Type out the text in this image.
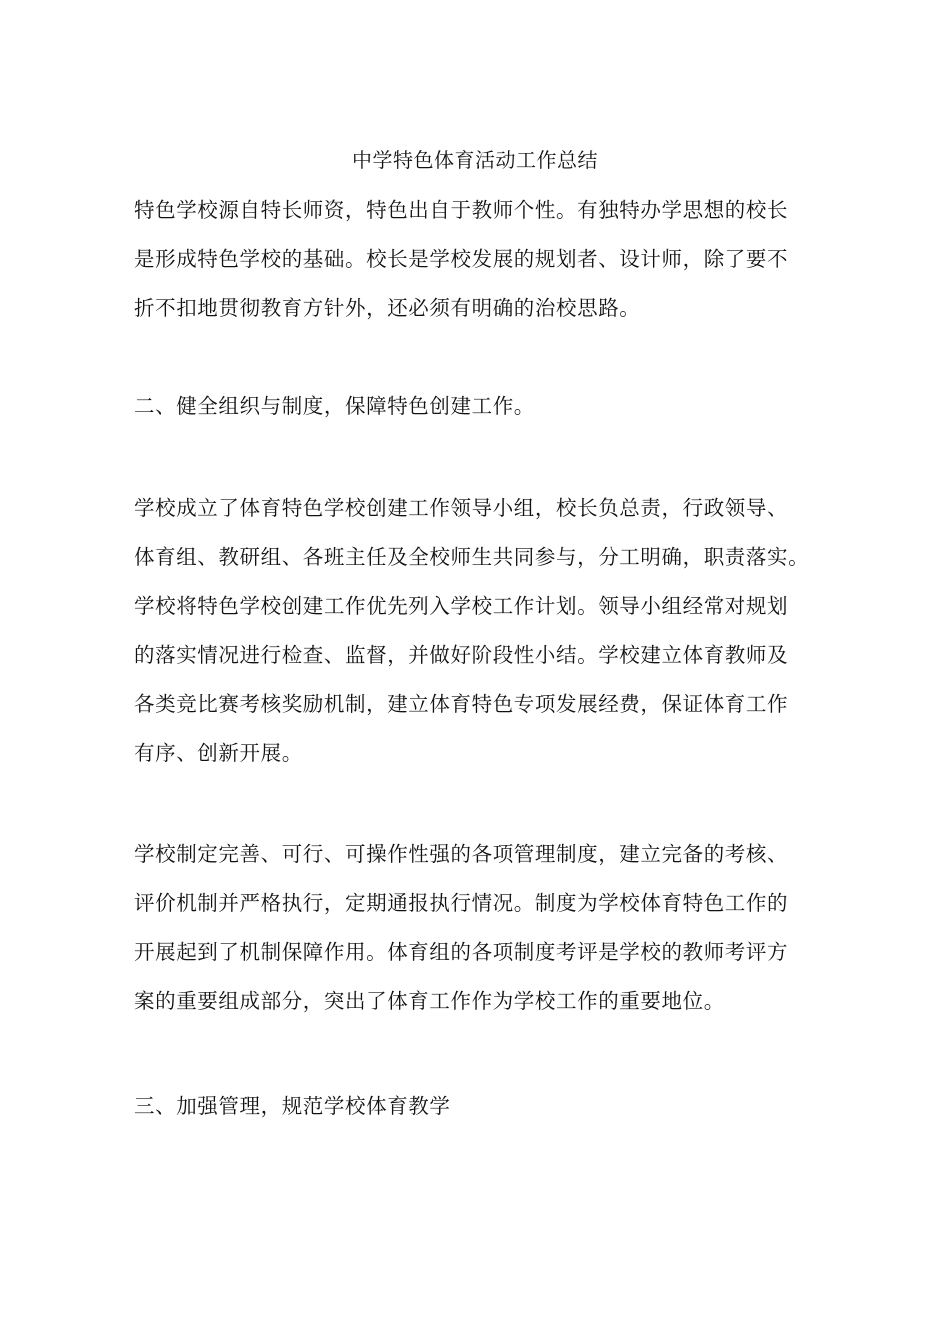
中学特色体育活动工作总结
特色学校源自特长师资，特色出自于教师个性。有独特办学思想的校长
是形成特色学校的基础。校长是学校发展的规划者、设计师，除了要不
折不扣地贯彻教育方针外，还必须有明确的治校思路。
二、健全组织与制度，保障特色创建工作。
学校成立了体育特色学校创建工作领导小组，校长负总责，行政领导、
体育组、教研组、各班主任及全校师生共同参与，分工明确，职责落实。
学校将特色学校创建工作优先列入学校工作计划。领导小组经常对规划
的落实情况进行检查、监督，并做好阶段性小结。学校建立体育教师及
各类竞比赛考核奖励机制，建立体育特色专项发展经费，保证体育工作
有序、创新开展。
学校制定完善、可行、可操作性强的各项管理制度，建立完备的考核、
评价机制并严格执行，定期通报执行情况。制度为学校体育特色工作的
开展起到了机制保障作用。体育组的各项制度考评是学校的教师考评方
案的重要组成部分，突出了体育工作作为学校工作的重要地位。
三、加强管理，规范学校体育教学
